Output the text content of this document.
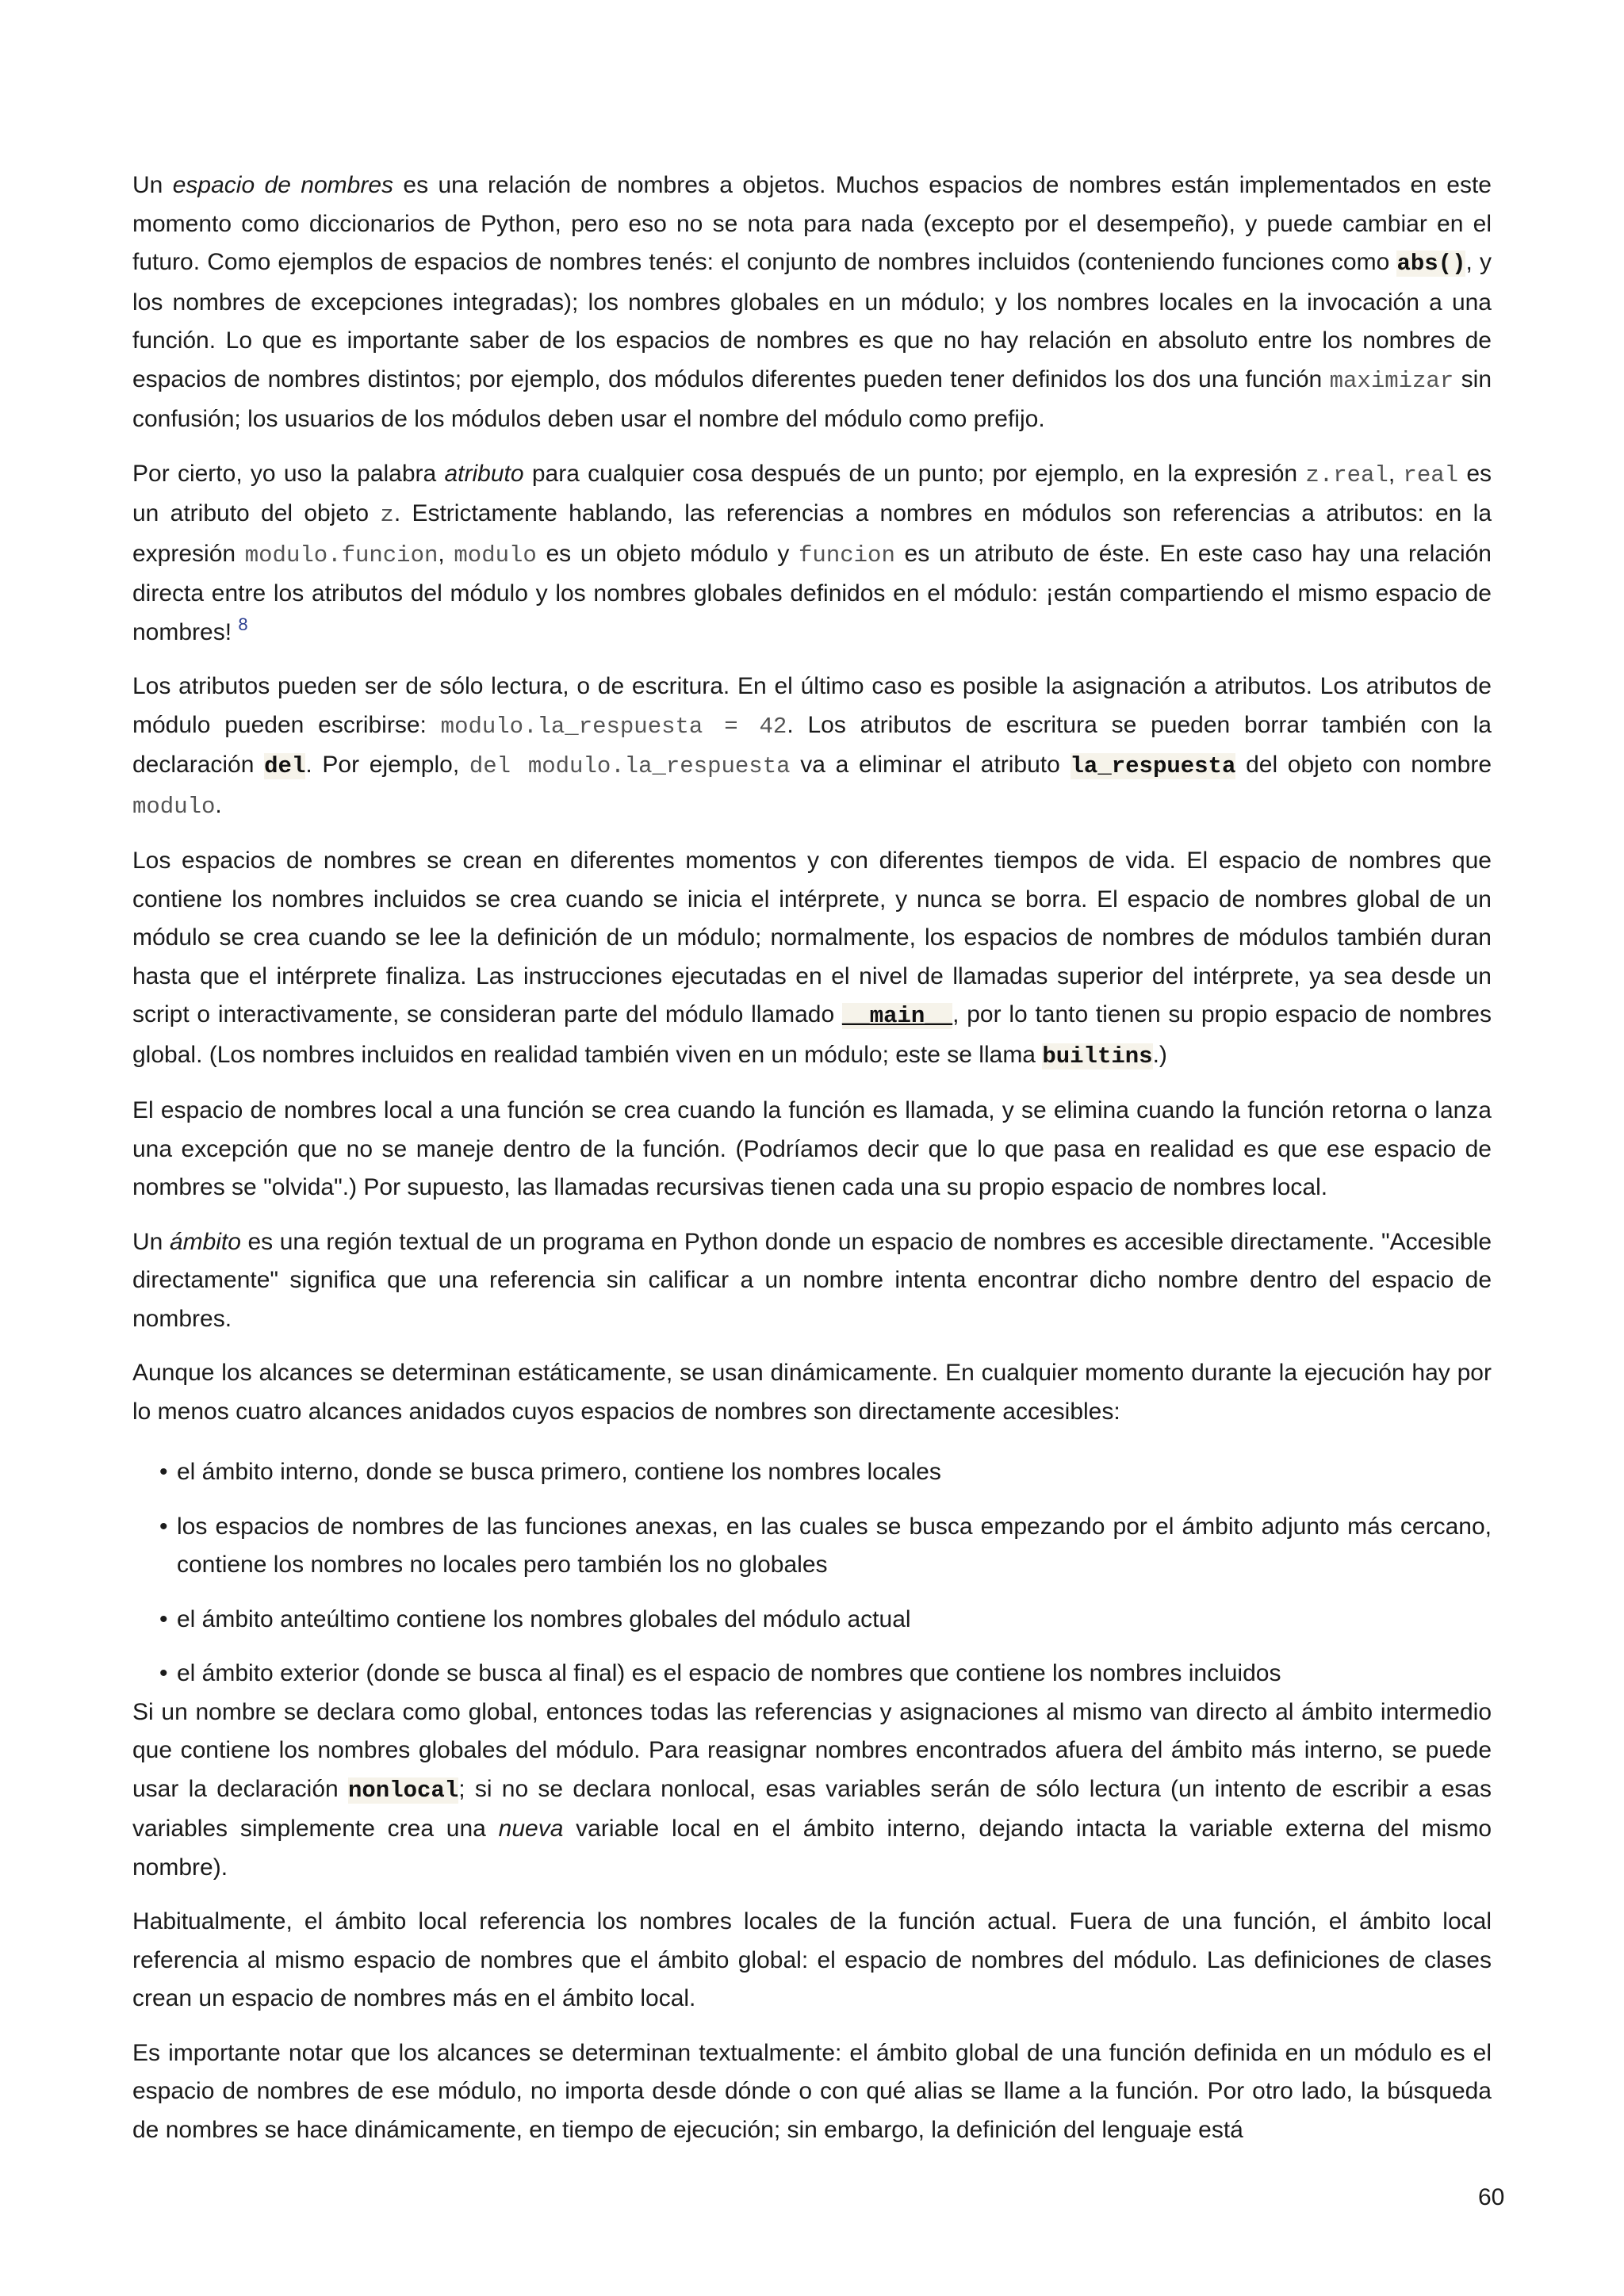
Un espacio de nombres es una relación de nombres a objetos. Muchos espacios de nombres están implementados en este momento como diccionarios de Python, pero eso no se nota para nada (excepto por el desempeño), y puede cambiar en el futuro. Como ejemplos de espacios de nombres tenés: el conjunto de nombres incluidos (conteniendo funciones como abs(), y los nombres de excepciones integradas); los nombres globales en un módulo; y los nombres locales en la invocación a una función. Lo que es importante saber de los espacios de nombres es que no hay relación en absoluto entre los nombres de espacios de nombres distintos; por ejemplo, dos módulos diferentes pueden tener definidos los dos una función maximizar sin confusión; los usuarios de los módulos deben usar el nombre del módulo como prefijo.

Por cierto, yo uso la palabra atributo para cualquier cosa después de un punto; por ejemplo, en la expresión z.real, real es un atributo del objeto z. Estrictamente hablando, las referencias a nombres en módulos son referencias a atributos: en la expresión modulo.funcion, modulo es un objeto módulo y funcion es un atributo de éste. En este caso hay una relación directa entre los atributos del módulo y los nombres globales definidos en el módulo: ¡están compartiendo el mismo espacio de nombres! $^8$

Los atributos pueden ser de sólo lectura, o de escritura. En el último caso es posible la asignación a atributos. Los atributos de módulo pueden escribirse: modulo.la_respuesta = 42. Los atributos de escritura se pueden borrar también con la declaración del. Por ejemplo, del modulo.la_respuesta va a eliminar el atributo la_respuesta del objeto con nombre modulo.

Los espacios de nombres se crean en diferentes momentos y con diferentes tiempos de vida. El espacio de nombres que contiene los nombres incluidos se crea cuando se inicia el intérprete, y nunca se borra. El espacio de nombres global de un módulo se crea cuando se lee la definición de un módulo; normalmente, los espacios de nombres de módulos también duran hasta que el intérprete finaliza. Las instrucciones ejecutadas en el nivel de llamadas superior del intérprete, ya sea desde un script o interactivamente, se consideran parte del módulo llamado __main__, por lo tanto tienen su propio espacio de nombres global. (Los nombres incluidos en realidad también viven en un módulo; este se llama builtins.)

El espacio de nombres local a una función se crea cuando la función es llamada, y se elimina cuando la función retorna o lanza una excepción que no se maneje dentro de la función. (Podríamos decir que lo que pasa en realidad es que ese espacio de nombres se "olvida".) Por supuesto, las llamadas recursivas tienen cada una su propio espacio de nombres local.

Un ámbito es una región textual de un programa en Python donde un espacio de nombres es accesible directamente. "Accesible directamente" significa que una referencia sin calificar a un nombre intenta encontrar dicho nombre dentro del espacio de nombres.

Aunque los alcances se determinan estáticamente, se usan dinámicamente. En cualquier momento durante la ejecución hay por lo menos cuatro alcances anidados cuyos espacios de nombres son directamente accesibles:

• el ámbito interno, donde se busca primero, contiene los nombres locales
• los espacios de nombres de las funciones anexas, en las cuales se busca empezando por el ámbito adjunto más cercano, contiene los nombres no locales pero también los no globales
• el ámbito anteúltimo contiene los nombres globales del módulo actual
• el ámbito exterior (donde se busca al final) es el espacio de nombres que contiene los nombres incluidos

Si un nombre se declara como global, entonces todas las referencias y asignaciones al mismo van directo al ámbito intermedio que contiene los nombres globales del módulo. Para reasignar nombres encontrados afuera del ámbito más interno, se puede usar la declaración nonlocal; si no se declara nonlocal, esas variables serán de sólo lectura (un intento de escribir a esas variables simplemente crea una nueva variable local en el ámbito interno, dejando intacta la variable externa del mismo nombre).

Habitualmente, el ámbito local referencia los nombres locales de la función actual. Fuera de una función, el ámbito local referencia al mismo espacio de nombres que el ámbito global: el espacio de nombres del módulo. Las definiciones de clases crean un espacio de nombres más en el ámbito local.

Es importante notar que los alcances se determinan textualmente: el ámbito global de una función definida en un módulo es el espacio de nombres de ese módulo, no importa desde dónde o con qué alias se llame a la función. Por otro lado, la búsqueda de nombres se hace dinámicamente, en tiempo de ejecución; sin embargo, la definición del lenguaje está

60
